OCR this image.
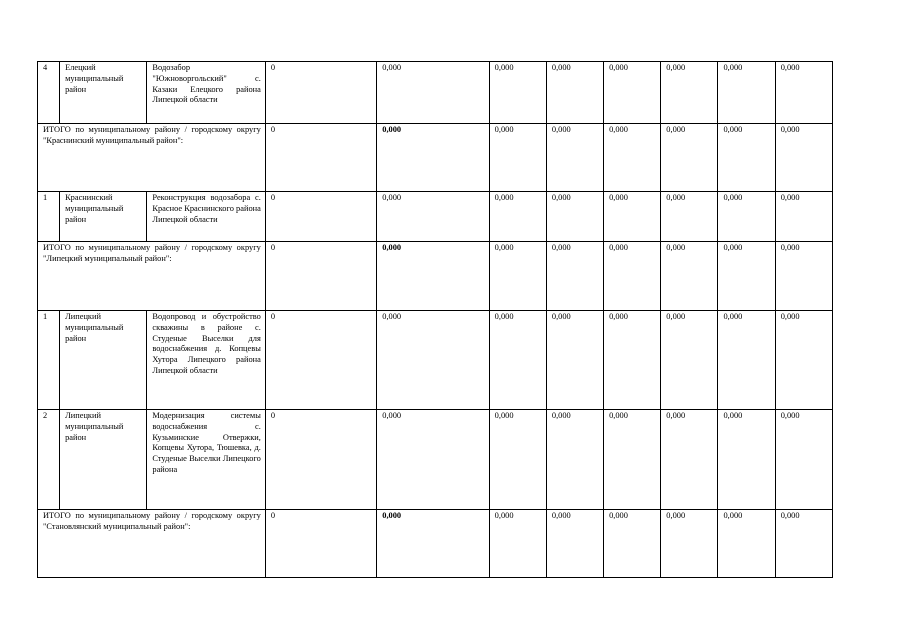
4	Елецкий муниципальный район	Водозабор "Южноворгольский" с. Казаки Елецкого района Липецкой области	0	0,000	0,000	0,000	0,000	0,000	0,000	0,000
ИТОГО по муниципальному району / городскому округу "Краснинский муниципальный район":			0	0,000	0,000	0,000	0,000	0,000	0,000	0,000
1	Краснинский муниципальный район	Реконструкция водозабора с. Красное Краснинского района Липецкой области	0	0,000	0,000	0,000	0,000	0,000	0,000	0,000
ИТОГО по муниципальному району / городскому округу "Липецкий муниципальный район":			0	0,000	0,000	0,000	0,000	0,000	0,000	0,000
1	Липецкий муниципальный район	Водопровод и обустройство скважины в районе с. Студеные Выселки для водоснабжения д. Копцевы Хутора Липецкого района Липецкой области	0	0,000	0,000	0,000	0,000	0,000	0,000	0,000
2	Липецкий муниципальный район	Модернизация системы водоснабжения с. Кузьминские Отвержки, Копцевы Хутора, Тюшевка, д. Студеные Выселки Липецкого района	0	0,000	0,000	0,000	0,000	0,000	0,000	0,000
ИТОГО по муниципальному району / городскому округу "Становлянский муниципальный район":			0	0,000	0,000	0,000	0,000	0,000	0,000	0,000
